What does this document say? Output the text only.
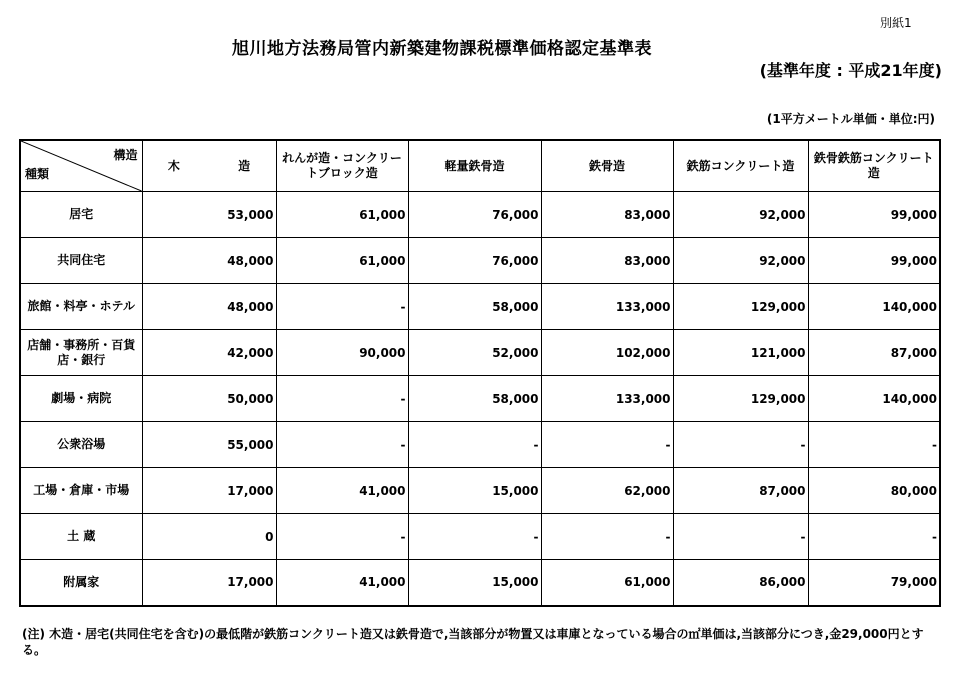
別紙1
旭川地方法務局管内新築建物課税標準価格認定基準表
(基準年度 : 平成21年度)
(1平方メートル単価・単位:円)
構造
種類	木 造	れんが造・コンクリートブロック造	軽量鉄骨造	鉄骨造	鉄筋コンクリート造	鉄骨鉄筋コンクリート造
居宅	53,000	61,000	76,000	83,000	92,000	99,000
共同住宅	48,000	61,000	76,000	83,000	92,000	99,000
旅館・料亭・ホテル	48,000	-	58,000	133,000	129,000	140,000
店舗・事務所・百貨店・銀行	42,000	90,000	52,000	102,000	121,000	87,000
劇場・病院	50,000	-	58,000	133,000	129,000	140,000
公衆浴場	55,000	-	-	-	-	-
工場・倉庫・市場	17,000	41,000	15,000	62,000	87,000	80,000
土 蔵	0	-	-	-	-	-
附属家	17,000	41,000	15,000	61,000	86,000	79,000
(注) 木造・居宅(共同住宅を含む)の最低階が鉄筋コンクリート造又は鉄骨造で,当該部分が物置又は車庫となっている場合の㎡単価は,当該部分につき,金29,000円とする。
